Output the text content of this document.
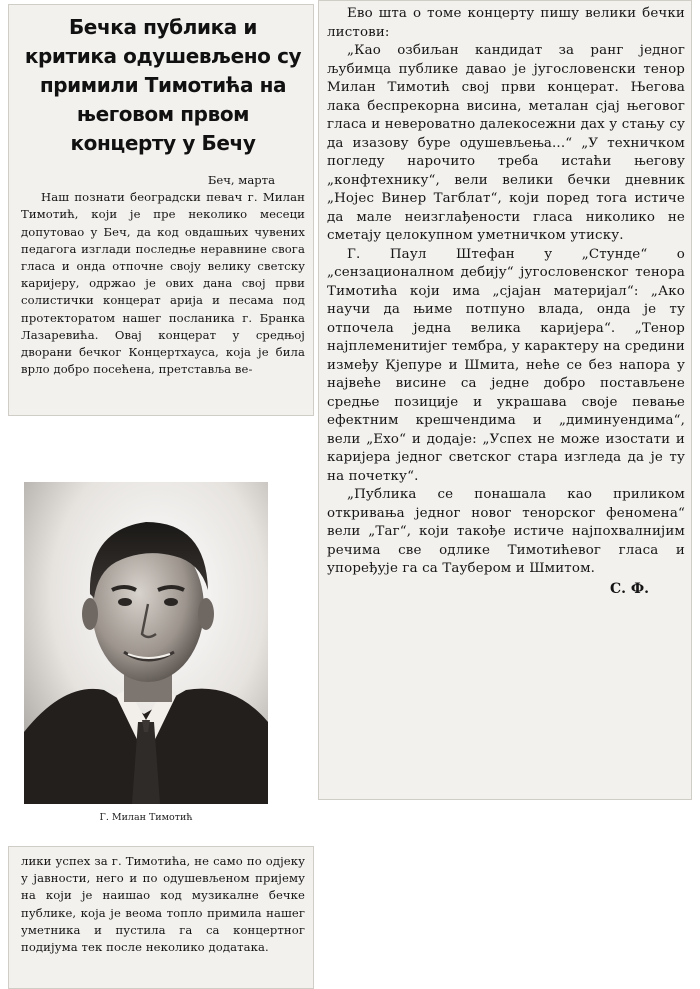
Бечка публика и критика одушевљено су примили Тимотића на његовом првом концерту у Бечу

Беч, марта

Наш познати београдски певач г. Милан Тимотић, који је пре неколико месеци допутовао у Беч, да код овдашњих чувених педагога изглади последње неравнине свога гласа и онда отпочне своју велику светску каријеру, одржао је ових дана свој први солистички концерат арија и песама под протекторатом нашег посланика г. Бранка Лазаревића. Овај концерат у средњој дворани бечког Концертхауса, која је била врло добро посећена, претставља ве-

Г. Милан Тимотић

лики успех за г. Тимотића, не само по одјеку у јавности, него и по одушевљеном пријему на који је наишао код музикалне бечке публике, која је веома топло примила нашег уметника и пустила га са концертног подијума тек после неколико додатака.

Ево шта о томе концерту пишу велики бечки листови:

„Као озбиљан кандидат за ранг једног љубимца публике давао је југословенски тенор Милан Тимотић свој први концерат. Његова лака беспрекорна висина, металан сјај његовог гласа и невероватно далекосежни дах у стању су да изазову буре одушевљења...“ „У техничком погледу нарочито треба истаћи његову „конфтехнику“, вели велики бечки дневник „Нојес Винер Тагблат“, који поред тога истиче да мале неизглађености гласа николико не сметају целокупном уметничком утиску.

Г. Паул Штефан у „Стунде“ о „сензационалном дебију“ југословенског тенора Тимотића који има „сјајан материјал“: „Ако научи да њиме потпуно влада, онда је ту отпочела једна велика каријера“. „Тенор најплеменитијег тембра, у карактеру на средини између Кјепуре и Шмита, неће се без напора у највеће висине са једне добро постављене средње позиције и украшава своје певање ефектним крешчендима и „диминуендима“, вели „Ехо“ и додаје: „Успех не може изостати и каријера једног светског стара изгледа да је ту на почетку“.

„Публика се понашала као приликом откривања једног новог тенорског феномена“ вели „Таг“, који такође истиче најпохвалнијим речима све одлике Тимотићевог гласа и упоређује га са Таубером и Шмитом.

С. Ф.
